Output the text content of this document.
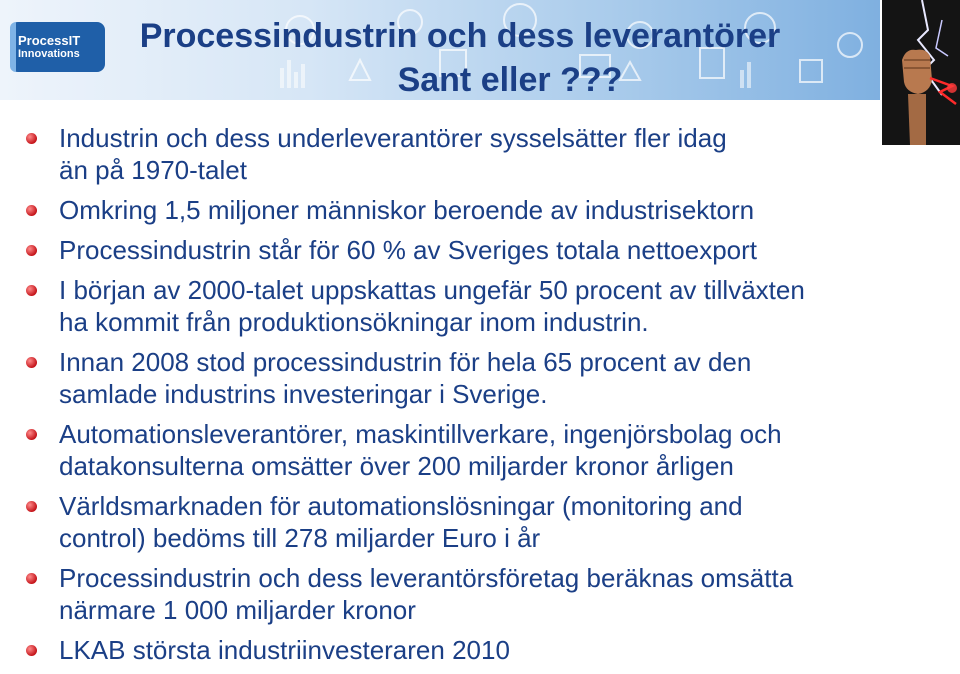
ProcessIT
Innovations	Processindustrin och dess leverantörer
Sant eller ???
Industrin och dess underleverantörer sysselsätter fler idag
än på 1970-talet
Omkring 1,5 miljoner människor beroende av industrisektorn
Processindustrin står för 60 % av Sveriges totala nettoexport
I början av 2000-talet uppskattas ungefär 50 procent av tillväxten
ha kommit från produktionsökningar inom industrin.
Innan 2008 stod processindustrin för hela 65 procent av den
samlade industrins investeringar i Sverige.
Automationsleverantörer, maskintillverkare, ingenjörsbolag och
datakonsulterna omsätter över 200 miljarder kronor årligen
Världsmarknaden för automationslösningar (monitoring and
control) bedöms till 278 miljarder Euro i år
Processindustrin och dess leverantörsföretag beräknas omsätta
närmare 1 000 miljarder kronor
LKAB största industriinvesteraren 2010
